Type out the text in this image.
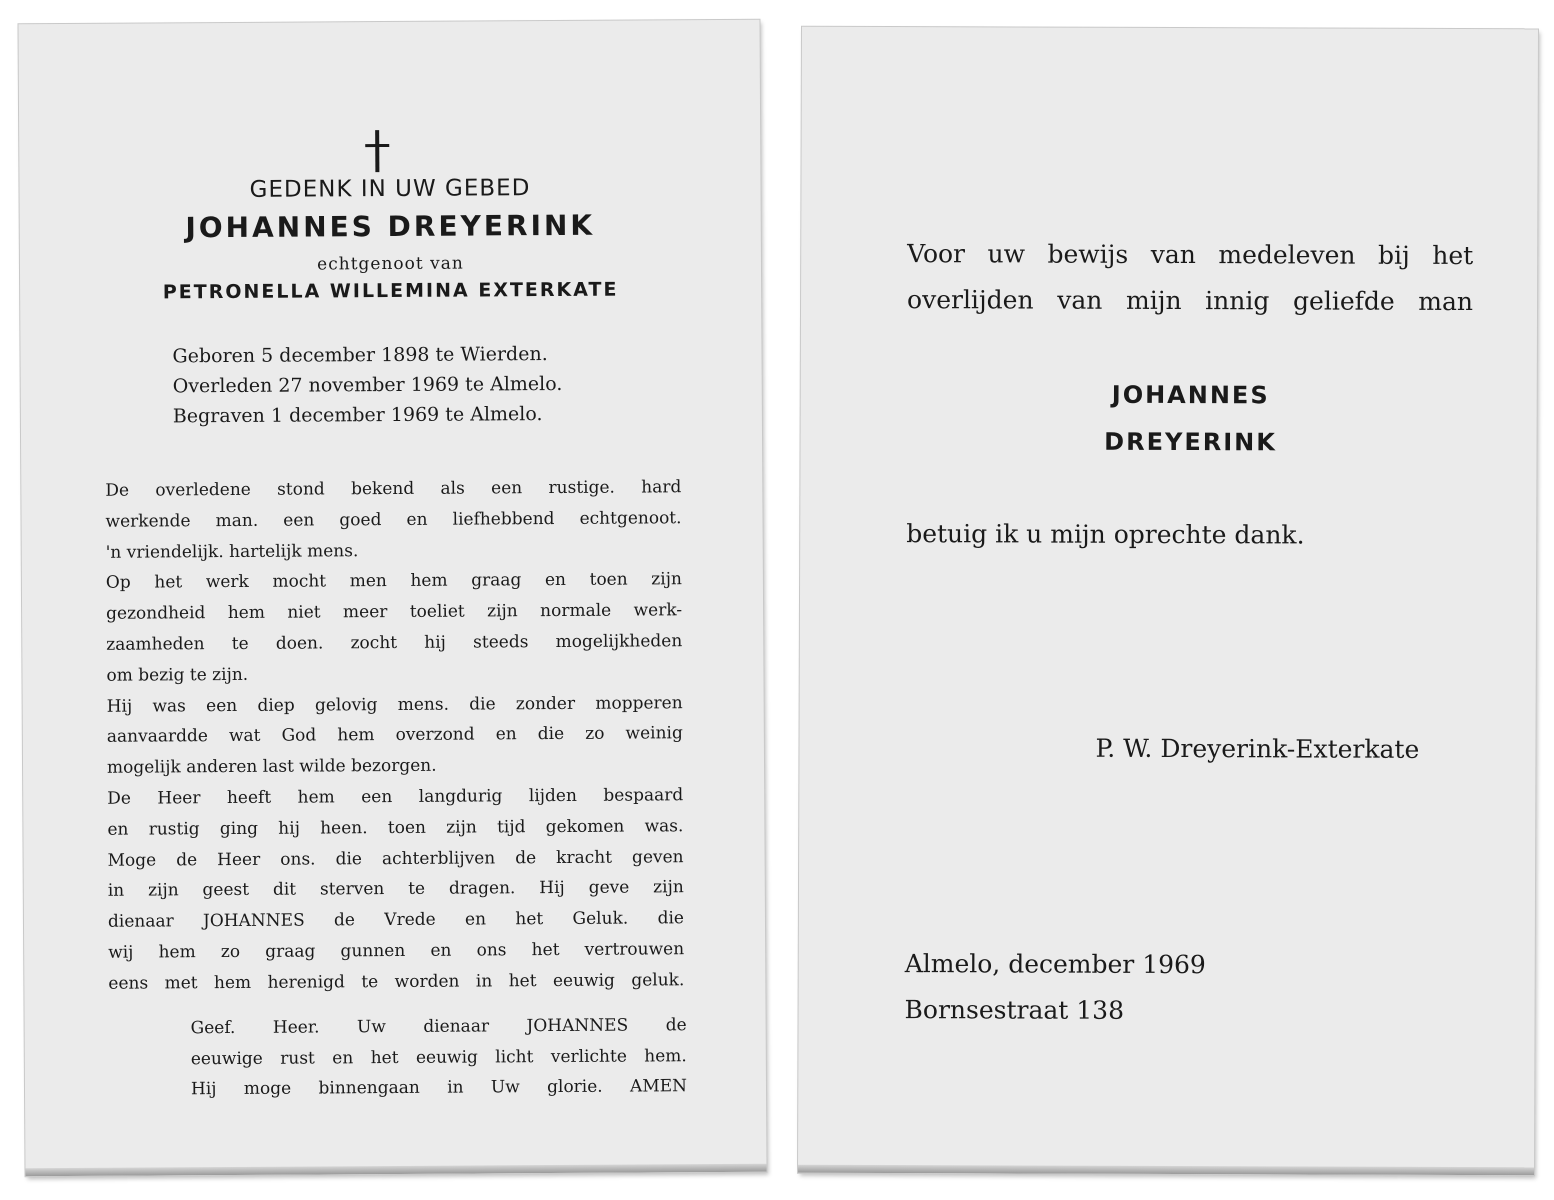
GEDENK IN UW GEBED
JOHANNES DREYERINK
echtgenoot van
PETRONELLA WILLEMINA EXTERKATE
Geboren 5 december 1898 te Wierden.
Overleden 27 november 1969 te Almelo.
Begraven 1 december 1969 te Almelo.
De overledene stond bekend als een rustige. hard
werkende man. een goed en liefhebbend echtgenoot.
'n vriendelijk. hartelijk mens.
Op het werk mocht men hem graag en toen zijn
gezondheid hem niet meer toeliet zijn normale werk-
zaamheden te doen. zocht hij steeds mogelijkheden
om bezig te zijn.
Hij was een diep gelovig mens. die zonder mopperen
aanvaardde wat God hem overzond en die zo weinig
mogelijk anderen last wilde bezorgen.
De Heer heeft hem een langdurig lijden bespaard
en rustig ging hij heen. toen zijn tijd gekomen was.
Moge de Heer ons. die achterblijven de kracht geven
in zijn geest dit sterven te dragen. Hij geve zijn
dienaar JOHANNES de Vrede en het Geluk. die
wij hem zo graag gunnen en ons het vertrouwen
eens met hem herenigd te worden in het eeuwig geluk.
Geef. Heer. Uw dienaar JOHANNES de
eeuwige rust en het eeuwig licht verlichte hem.
Hij moge binnengaan in Uw glorie. AMEN
Voor uw bewijs van medeleven bij het
overlijden van mijn innig geliefde man
JOHANNES
DREYERINK
betuig ik u mijn oprechte dank.
P. W. Dreyerink-Exterkate
Almelo, december 1969
Bornsestraat 138
